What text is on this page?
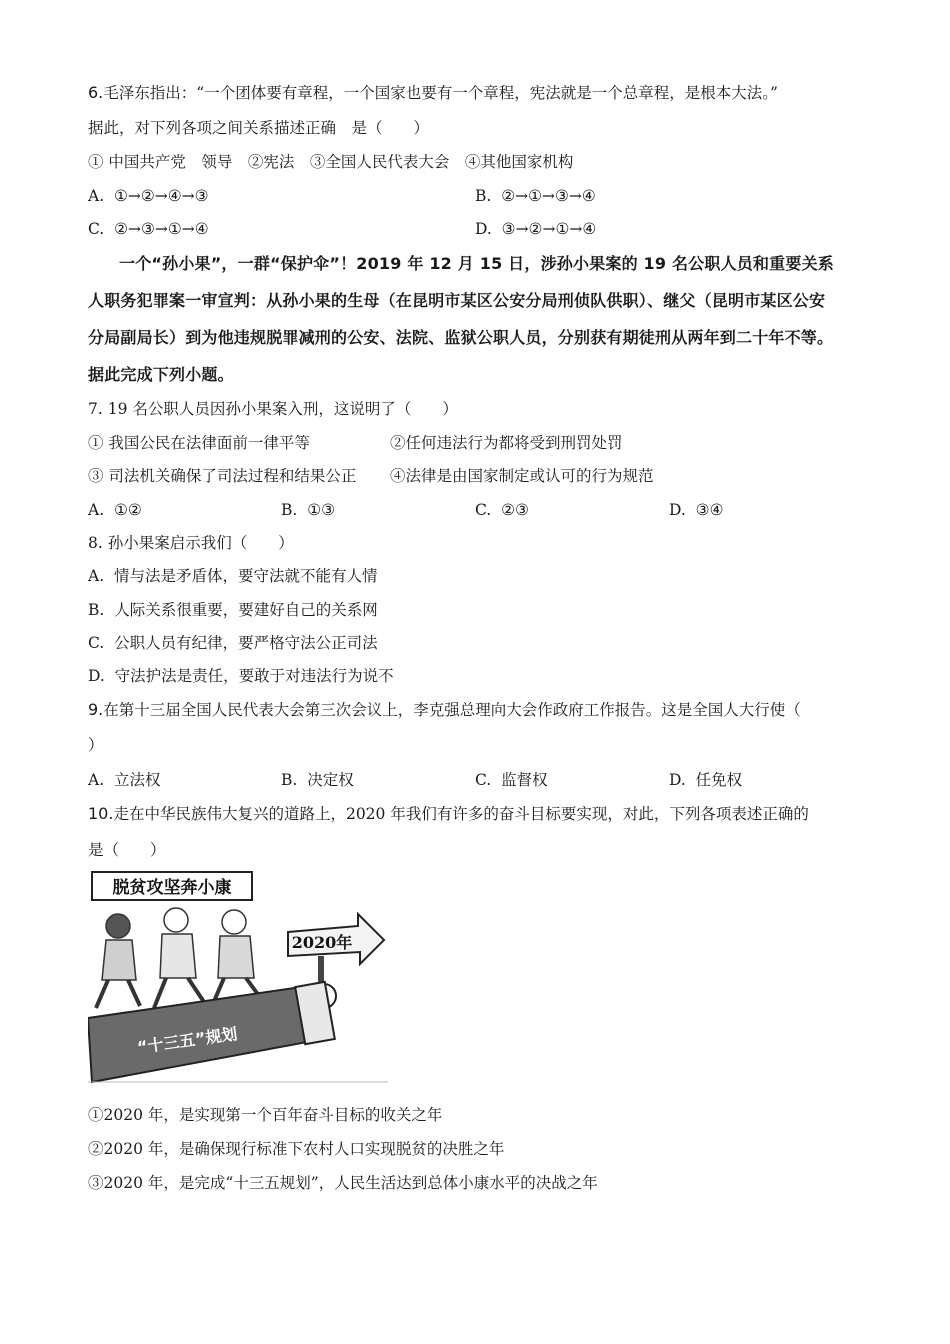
6.毛泽东指出：“一个团体要有章程，一个国家也要有一个章程，宪法就是一个总章程，是根本大法。”
据此，对下列各项之间关系描述正确　是（　　）
① 中国共产党　领导　②宪法　③全国人民代表大会　④其他国家机构
A. ①→②→④→③	B. ②→①→③→④
C. ②→③→①→④	D. ③→②→①→④
一个“孙小果”，一群“保护伞”！2019 年 12 月 15 日，涉孙小果案的 19 名公职人员和重要关系
人职务犯罪案一审宣判：从孙小果的生母（在昆明市某区公安分局刑侦队供职）、继父（昆明市某区公安
分局副局长）到为他违规脱罪减刑的公安、法院、监狱公职人员，分别获有期徒刑从两年到二十年不等。
据此完成下列小题。
7. 19 名公职人员因孙小果案入刑，这说明了（　　）
① 我国公民在法律面前一律平等	②任何违法行为都将受到刑罚处罚
③ 司法机关确保了司法过程和结果公正 ④法律是由国家制定或认可的行为规范
A. ①②	B. ①③	C. ②③	D. ③④
8. 孙小果案启示我们（　　）
A. 情与法是矛盾体，要守法就不能有人情
B. 人际关系很重要，要建好自己的关系网
C. 公职人员有纪律，要严格守法公正司法
D. 守法护法是责任，要敢于对违法行为说不
9.在第十三届全国人民代表大会第三次会议上，李克强总理向大会作政府工作报告。这是全国人大行使（
）
A. 立法权	B. 决定权	C. 监督权	D. 任免权
10.走在中华民族伟大复兴的道路上，2020 年我们有许多的奋斗目标要实现，对此，下列各项表述正确的
是（　　）
脱贫攻坚奔小康
2020年
“十三五”规划
①2020 年，是实现第一个百年奋斗目标的收关之年
②2020 年，是确保现行标准下农村人口实现脱贫的决胜之年
③2020 年，是完成“十三五规划”，人民生活达到总体小康水平的决战之年
